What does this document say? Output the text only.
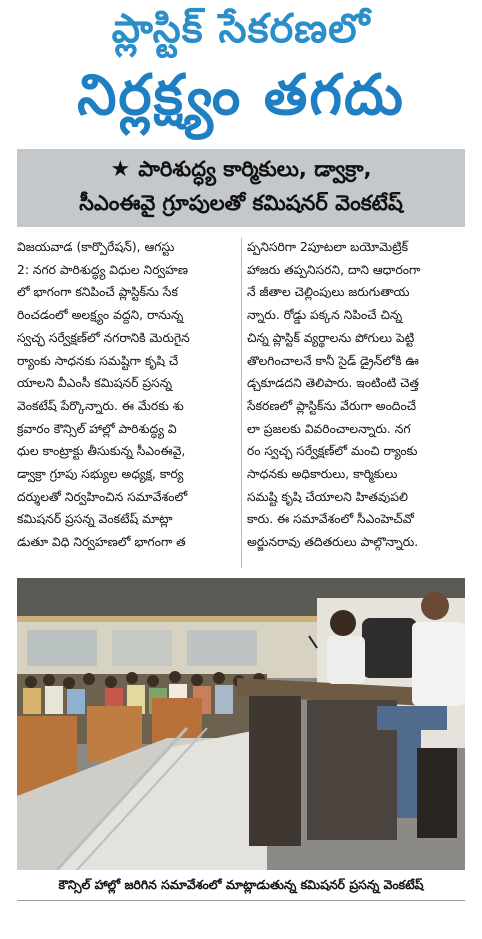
ప్లాస్టిక్ సేకరణలో
నిర్లక్ష్యం తగదు
★ పారిశుద్ధ్య కార్మికులు, డ్వాక్రా,
సీఎంఈవై గ్రూపులతో కమిషనర్ వెంకటేష్
విజయవాడ (కార్పొరేషన్), ఆగస్టు
2: నగర పారిశుద్ధ్య విధుల నిర్వహణ
లో భాగంగా కనిపించే ప్లాస్టిక్‌ను సేక
రించడంలో అలక్ష్యం వద్దని, రానున్న
స్వచ్ఛ సర్వేక్షణ్‌లో నగరానికి మెరుగైన
ర్యాంకు సాధనకు సమష్టిగా కృషి చే
యాలని వీఎంసీ కమిషనర్ ప్రసన్న
వెంకటేష్ పేర్కొన్నారు. ఈ మేరకు శు
క్రవారం కౌన్సిల్ హాల్లో పారిశుద్ధ్య వి
ధుల కాంట్రాక్టు తీసుకున్న సీఎంఈవై,
డ్వాక్రా గ్రూపు సభ్యుల అధ్యక్ష, కార్య
దర్శులతో నిర్వహించిన సమావేశంలో
కమిషనర్ ప్రసన్న వెంకటేష్ మాట్లా
డుతూ విధి నిర్వహణలో భాగంగా త
ప్పనిసరిగా 2పూటలా బయోమెట్రిక్
హాజరు తప్పనిసరని, దాని ఆధారంగా
నే జీతాల చెల్లింపులు జరుగుతాయ
న్నారు. రోడ్డు పక్కన నిపించే చిన్న
చిన్న ప్లాస్టిక్ వ్యర్థాలను పోగులు పెట్టి
తొలగించాలనే కానీ సైడ్ డ్రైన్‌లోకి ఊ
డ్చకూడదని తెలిపారు. ఇంటింటి చెత్త
సేకరణలో ప్లాస్టిక్‌ను వేరుగా అందించే
లా ప్రజలకు వివరించాలన్నారు. నగ
రం స్వచ్ఛ సర్వేక్షణ్‌లో మంచి ర్యాంకు
సాధనకు అధికారులు, కార్మికులు
సమష్టి కృషి చేయాలని హితవుపలి
కారు. ఈ సమావేశంలో సీఎంహెచ్‌వో
అర్జునరావు తదితరులు పాల్గొన్నారు.
కౌన్సిల్ హాల్లో జరిగిన సమావేశంలో మాట్లాడుతున్న కమిషనర్ ప్రసన్న వెంకటేష్
